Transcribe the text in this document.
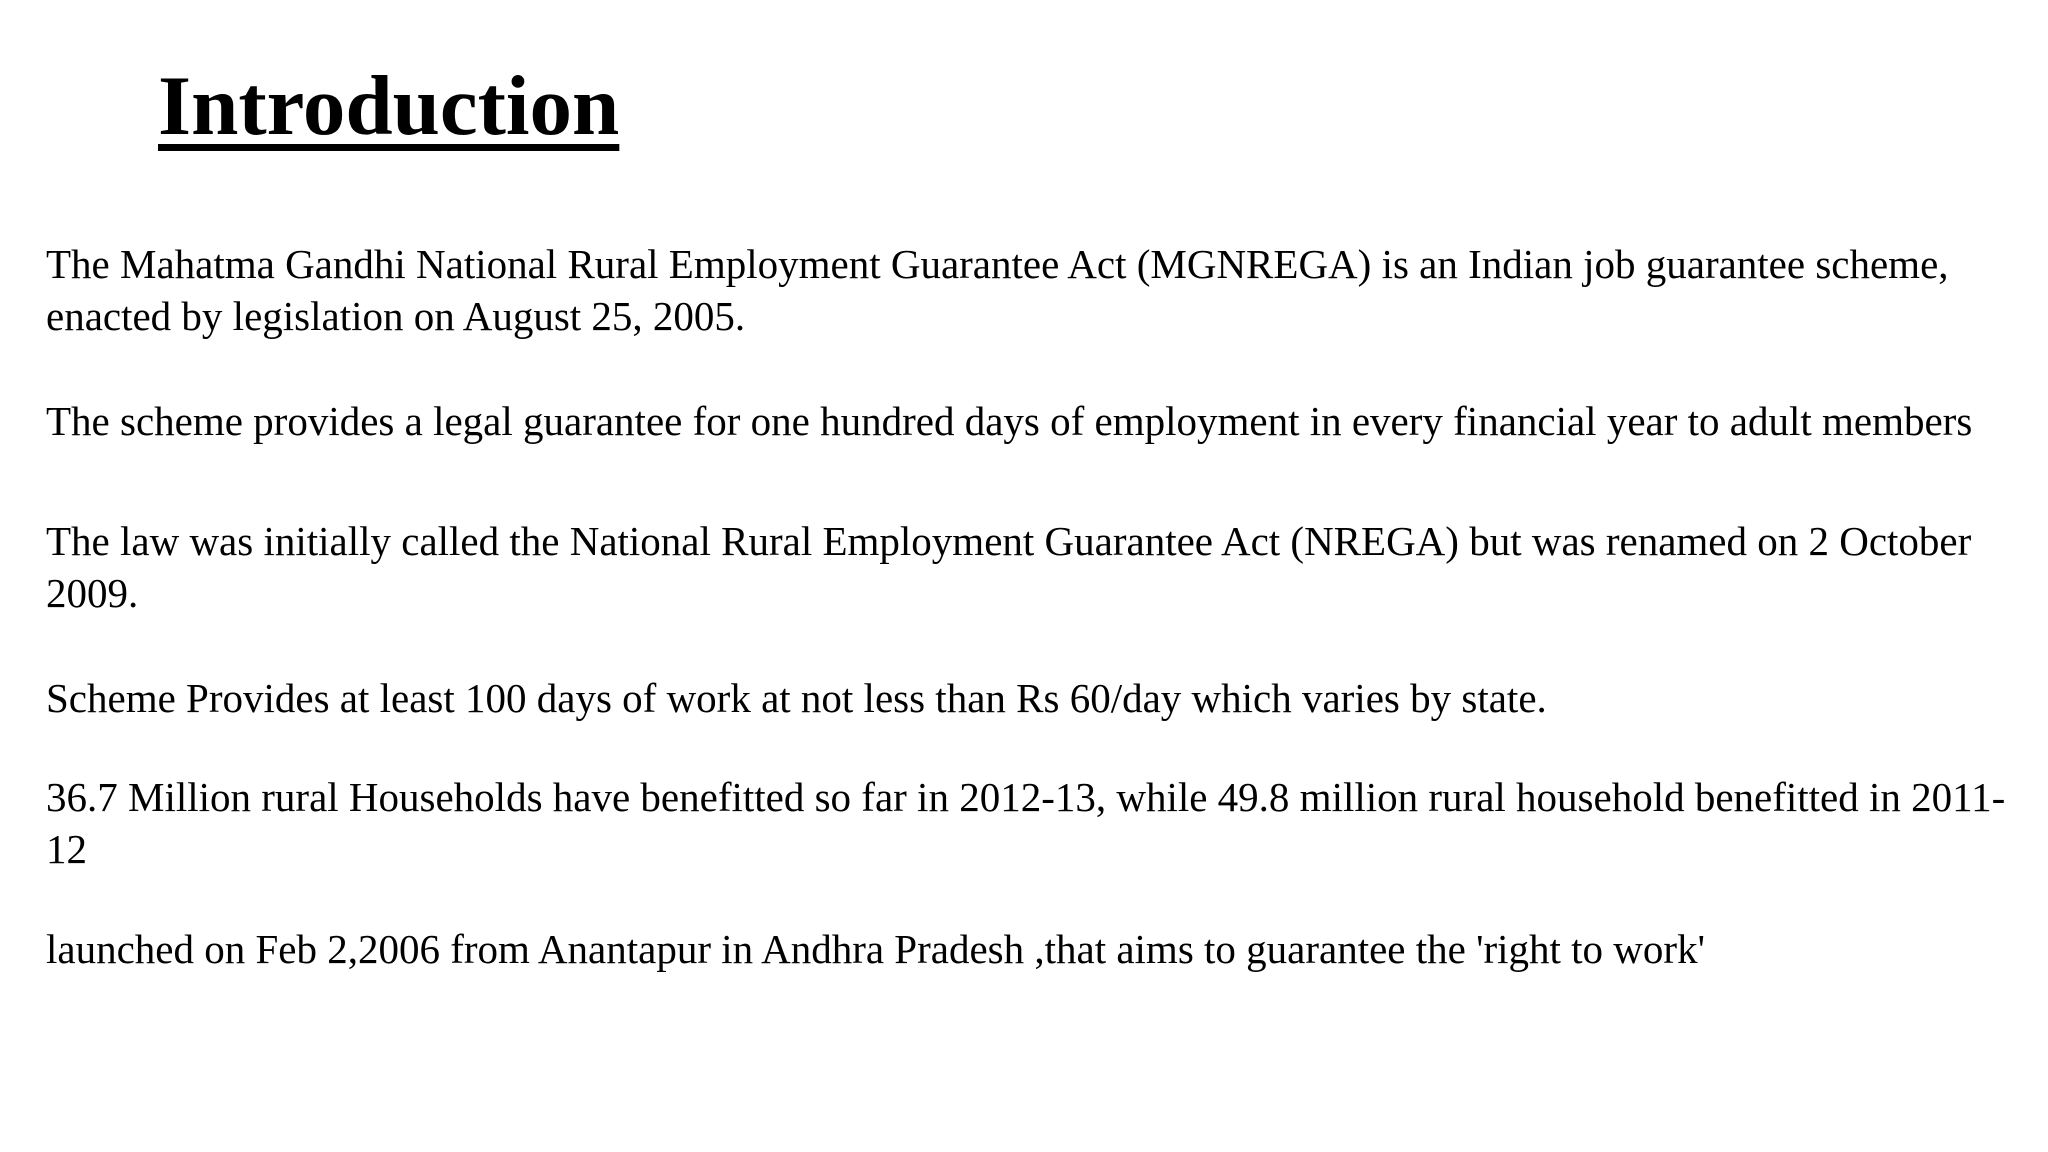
Introduction

The Mahatma Gandhi National Rural Employment Guarantee Act (MGNREGA) is an Indian job guarantee scheme, enacted by legislation on August 25, 2005.

The scheme provides a legal guarantee for one hundred days of employment in every financial year to adult members

The law was initially called the National Rural Employment Guarantee Act (NREGA) but was renamed on 2 October 2009.

Scheme Provides at least 100 days of work at not less than Rs 60/day which varies by state.

36.7 Million rural Households have benefitted so far in 2012-13, while 49.8 million rural household benefitted in 2011-12

launched on Feb 2,2006 from Anantapur in Andhra Pradesh ,that aims to guarantee the 'right to work'
